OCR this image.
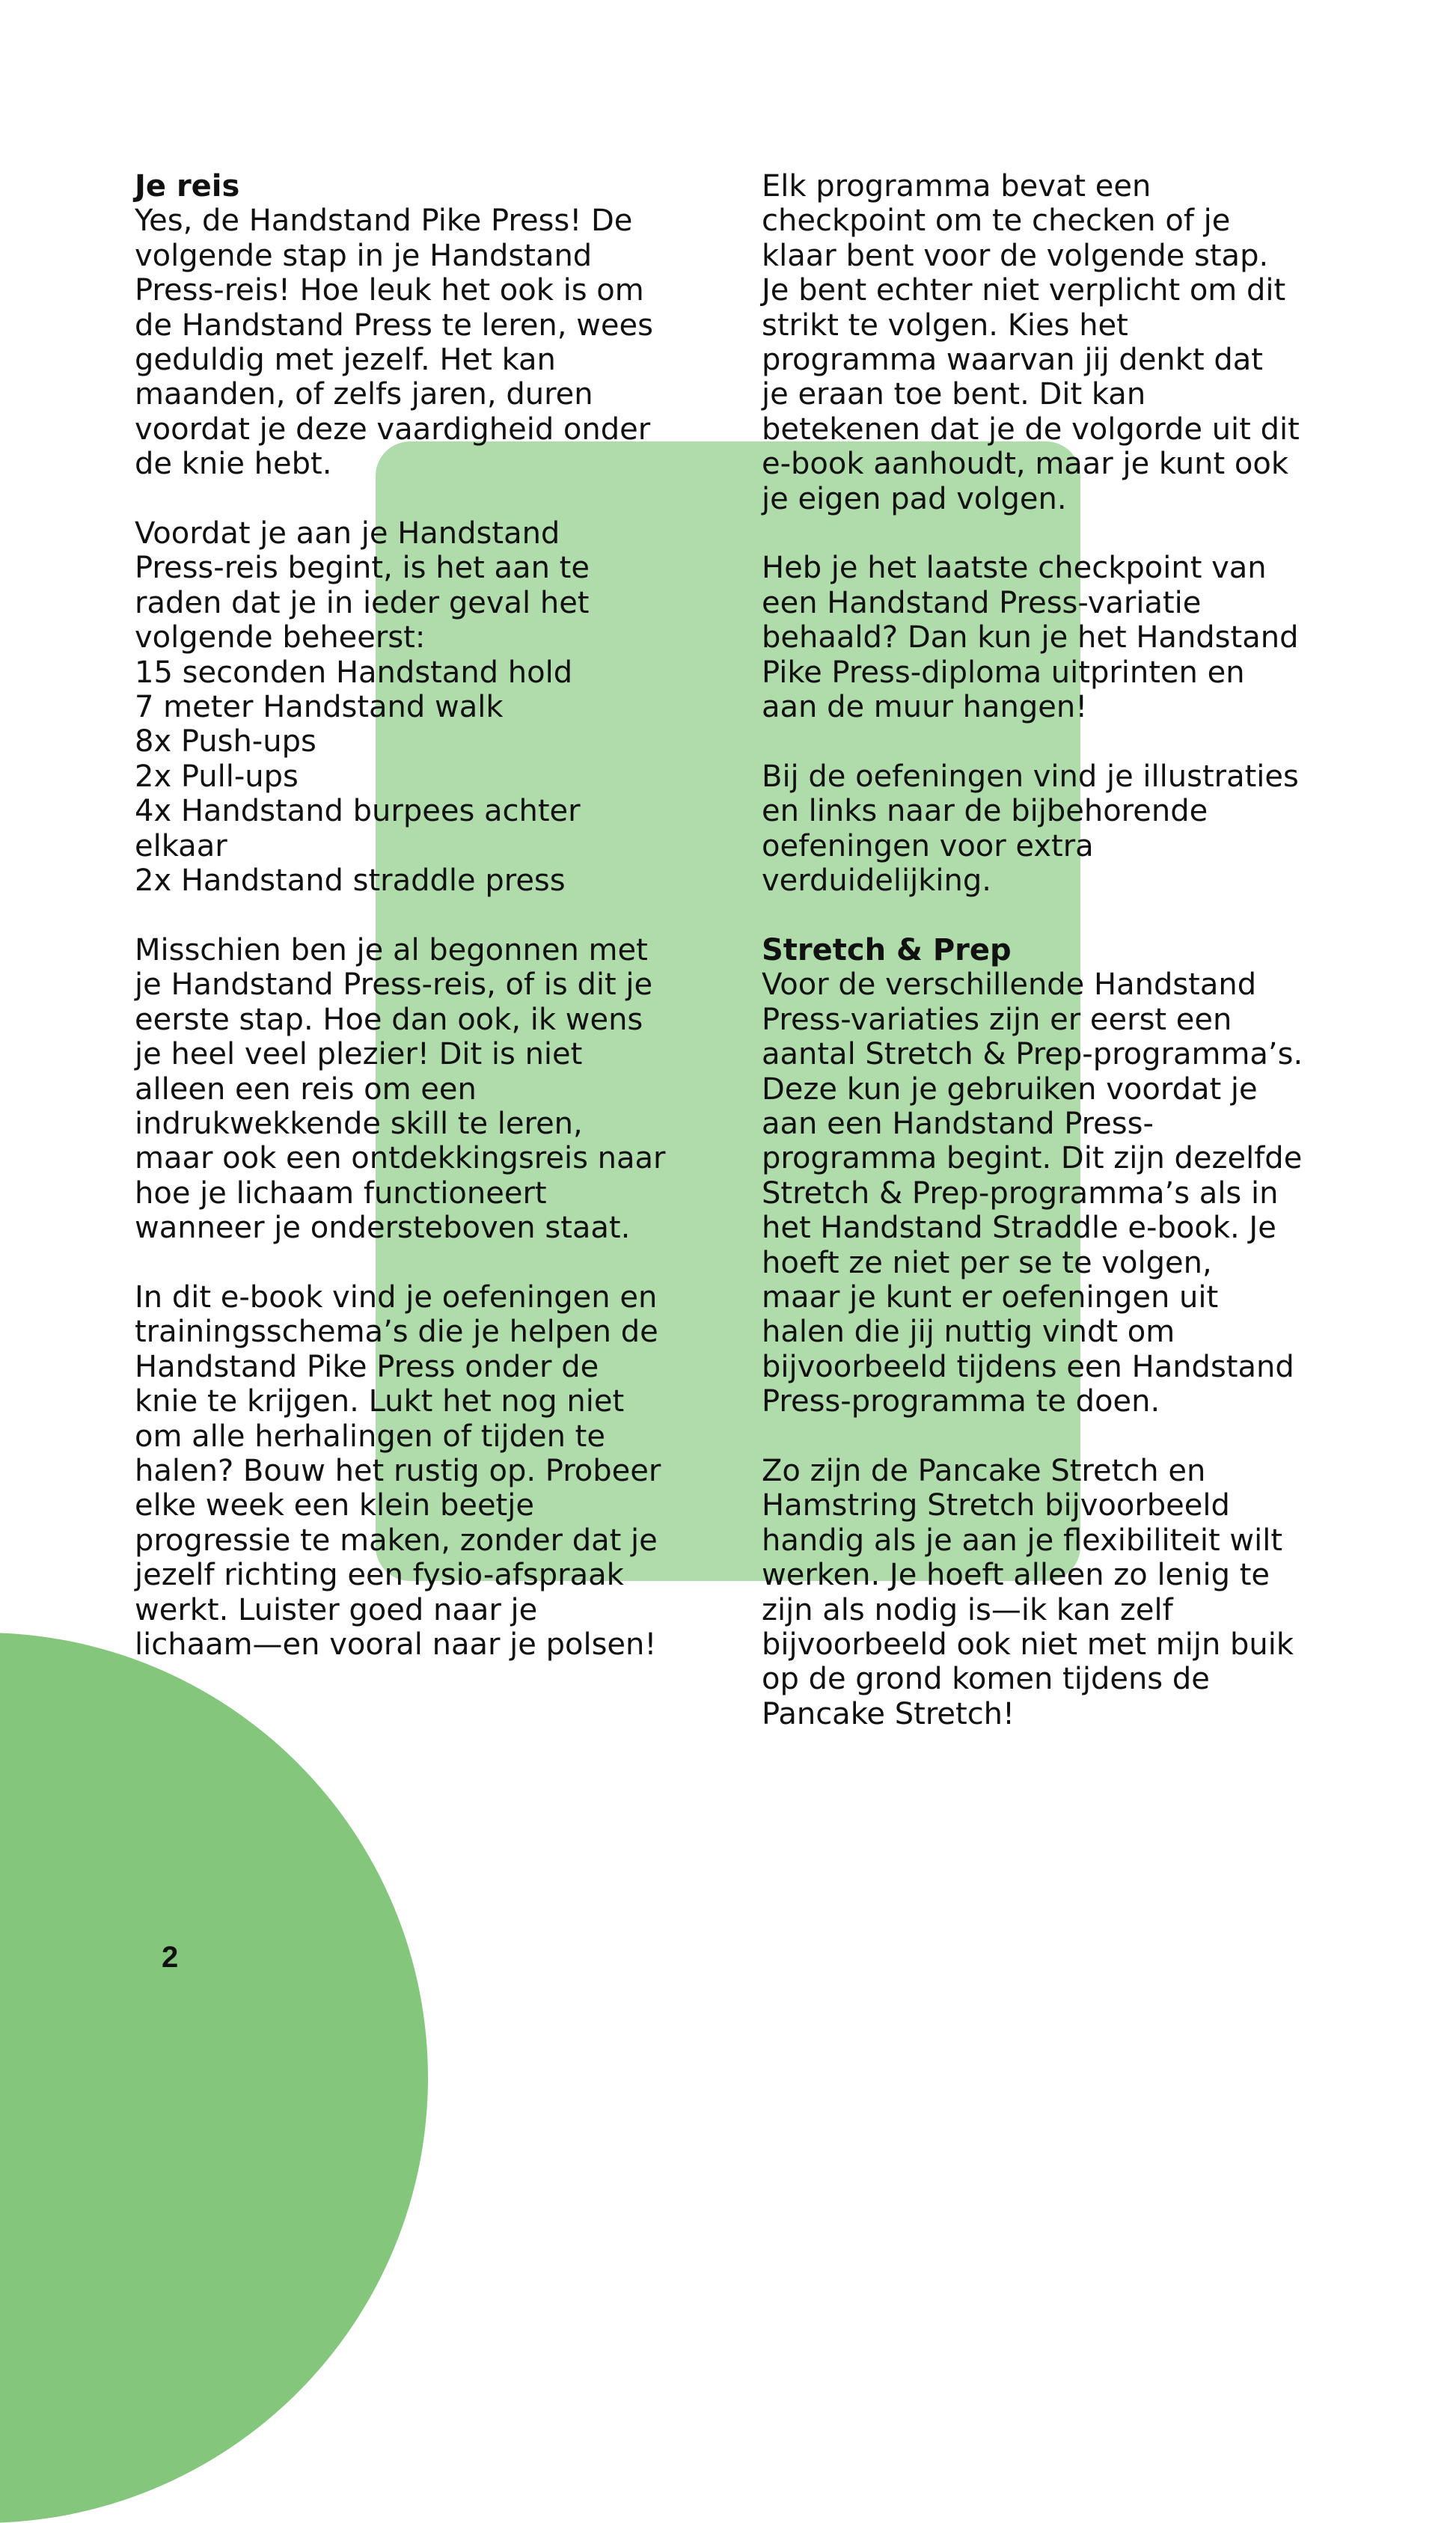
Je reis
Yes, de Handstand Pike Press! De
volgende stap in je Handstand
Press-reis! Hoe leuk het ook is om
de Handstand Press te leren, wees
geduldig met jezelf. Het kan
maanden, of zelfs jaren, duren
voordat je deze vaardigheid onder
de knie hebt.
Voordat je aan je Handstand
Press-reis begint, is het aan te
raden dat je in ieder geval het
volgende beheerst:
15 seconden Handstand hold
7 meter Handstand walk
8x Push-ups
2x Pull-ups
4x Handstand burpees achter
elkaar
2x Handstand straddle press
Misschien ben je al begonnen met
je Handstand Press-reis, of is dit je
eerste stap. Hoe dan ook, ik wens
je heel veel plezier! Dit is niet
alleen een reis om een
indrukwekkende skill te leren,
maar ook een ontdekkingsreis naar
hoe je lichaam functioneert
wanneer je ondersteboven staat.
In dit e-book vind je oefeningen en
trainingsschema’s die je helpen de
Handstand Pike Press onder de
knie te krijgen. Lukt het nog niet
om alle herhalingen of tijden te
halen? Bouw het rustig op. Probeer
elke week een klein beetje
progressie te maken, zonder dat je
jezelf richting een fysio-afspraak
werkt. Luister goed naar je
lichaam—en vooral naar je polsen!
Elk programma bevat een
checkpoint om te checken of je
klaar bent voor de volgende stap.
Je bent echter niet verplicht om dit
strikt te volgen. Kies het
programma waarvan jij denkt dat
je eraan toe bent. Dit kan
betekenen dat je de volgorde uit dit
e-book aanhoudt, maar je kunt ook
je eigen pad volgen.
Heb je het laatste checkpoint van
een Handstand Press-variatie
behaald? Dan kun je het Handstand
Pike Press-diploma uitprinten en
aan de muur hangen!
Bij de oefeningen vind je illustraties
en links naar de bijbehorende
oefeningen voor extra
verduidelijking.
Stretch & Prep
Voor de verschillende Handstand
Press-variaties zijn er eerst een
aantal Stretch & Prep-programma’s.
Deze kun je gebruiken voordat je
aan een Handstand Press-
programma begint. Dit zijn dezelfde
Stretch & Prep-programma’s als in
het Handstand Straddle e-book. Je
hoeft ze niet per se te volgen,
maar je kunt er oefeningen uit
halen die jij nuttig vindt om
bijvoorbeeld tijdens een Handstand
Press-programma te doen.
Zo zijn de Pancake Stretch en
Hamstring Stretch bijvoorbeeld
handig als je aan je flexibiliteit wilt
werken. Je hoeft alleen zo lenig te
zijn als nodig is—ik kan zelf
bijvoorbeeld ook niet met mijn buik
op de grond komen tijdens de
Pancake Stretch!
2
